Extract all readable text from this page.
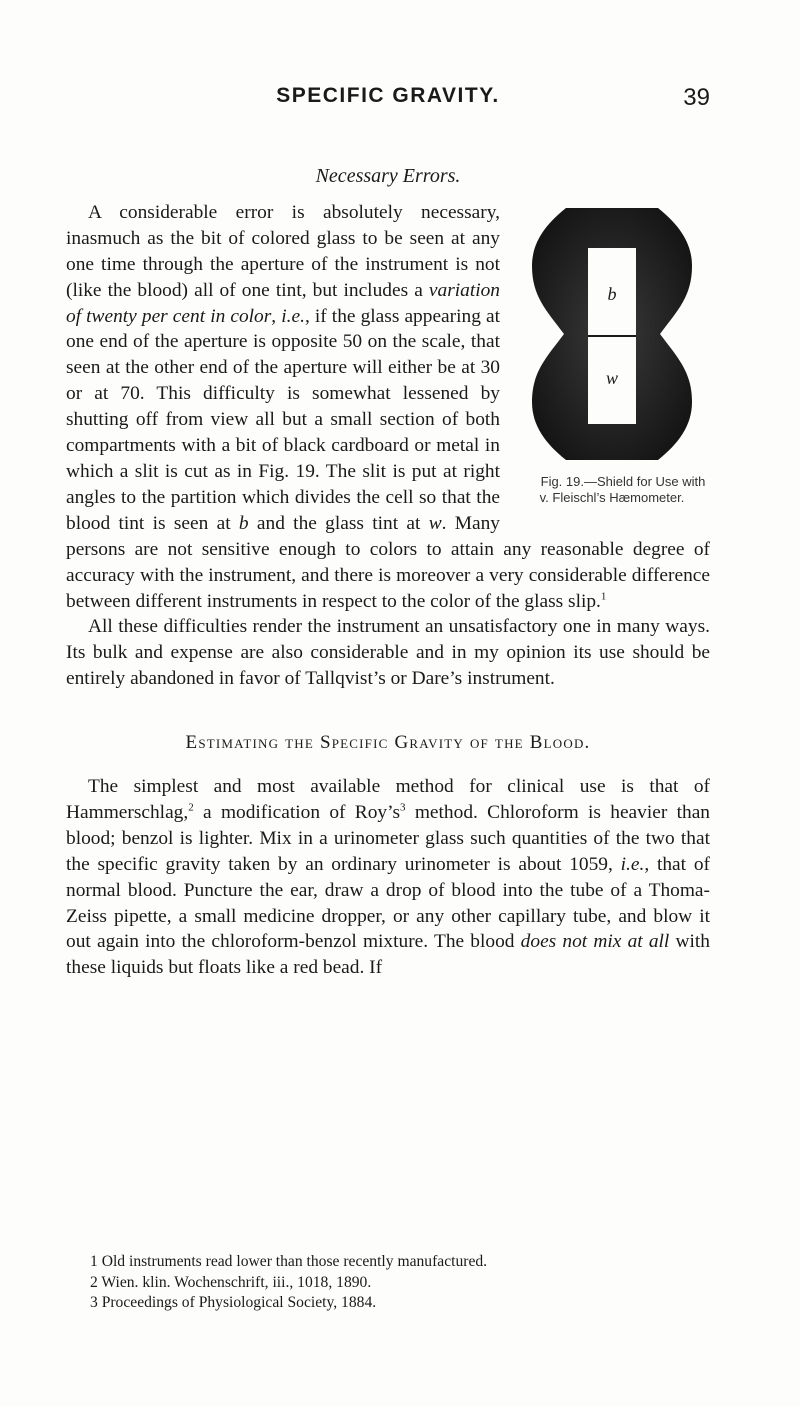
SPECIFIC GRAVITY.	39
Necessary Errors.

b
w
Fig. 19.—Shield for Use with v. Fleischl’s Hæmometer.
A considerable error is absolutely necessary, inasmuch as the bit of colored glass to be seen at any one time through the aperture of the instrument is not (like the blood) all of one tint, but includes a variation of twenty per cent in color, i.e., if the glass appearing at one end of the aperture is opposite 50 on the scale, that seen at the other end of the aperture will either be at 30 or at 70. This difficulty is somewhat lessened by shutting off from view all but a small section of both compartments with a bit of black cardboard or metal in which a slit is cut as in Fig. 19. The slit is put at right angles to the partition which divides the cell so that the blood tint is seen at b and the glass tint at w. Many persons are not sensitive enough to colors to attain any reasonable degree of accuracy with the instrument, and there is moreover a very considerable difference between different instruments in respect to the color of the glass slip.$^1$

All these difficulties render the instrument an unsatisfactory one in many ways. Its bulk and expense are also considerable and in my opinion its use should be entirely abandoned in favor of Tallqvist’s or Dare’s instrument.

Estimating the Specific Gravity of the Blood.

The simplest and most available method for clinical use is that of Hammerschlag,$^2$ a modification of $Roy’s^3$ method. Chloroform is heavier than blood; benzol is lighter. Mix in a urinometer glass such quantities of the two that the specific gravity taken by an ordinary urinometer is about 1059, i.e., that of normal blood. Puncture the ear, draw a drop of blood into the tube of a Thoma-Zeiss pipette, a small medicine dropper, or any other capillary tube, and blow it out again into the chloroform-benzol mixture. The blood does not mix at all with these liquids but floats like a red bead. If

1 Old instruments read lower than those recently manufactured.
2 Wien. klin. Wochenschrift, iii., 1018, 1890.
3 Proceedings of Physiological Society, 1884.
